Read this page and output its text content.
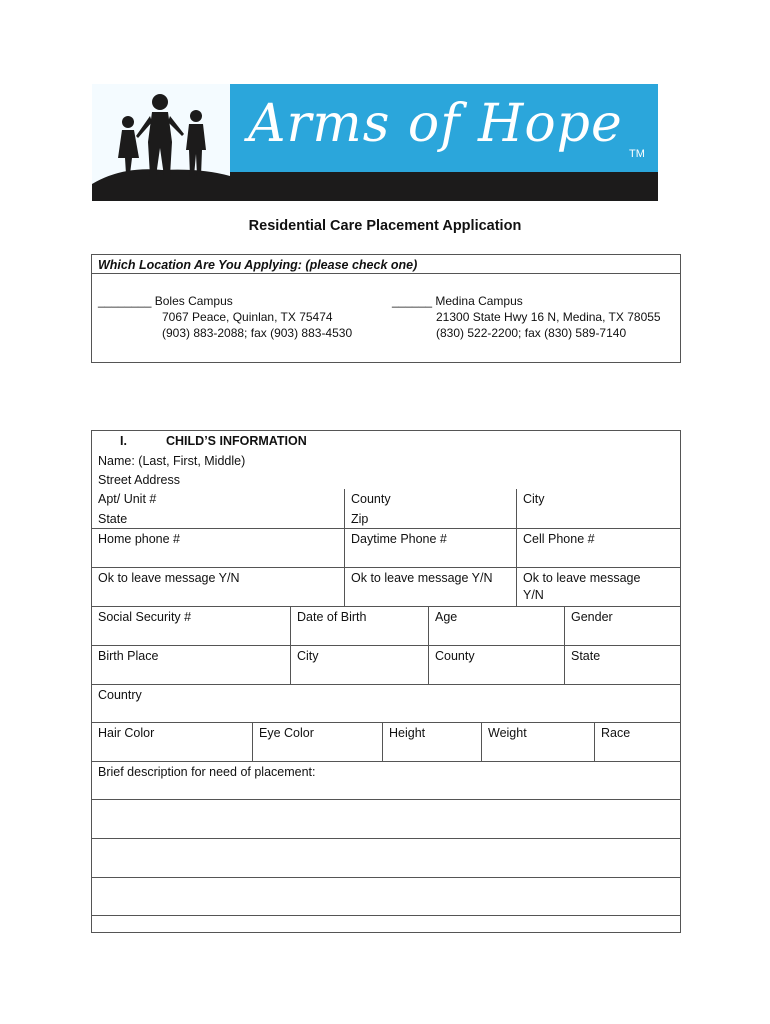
Arms of Hope TM
Residential Care Placement Application
Which Location Are You Applying: (please check one)
________ Boles Campus
7067 Peace, Quinlan, TX 75474
(903) 883-2088; fax (903) 883-4530
______ Medina Campus
21300 State Hwy 16 N, Medina, TX 78055
(830) 522-2200; fax (830) 589-7140
I.	CHILD’S INFORMATION
Name: (Last, First, Middle)
Street Address
Apt/ Unit #	County	City
State	Zip
Home phone #	Daytime Phone #	Cell Phone #
Ok to leave message Y/N	Ok to leave message Y/N	Ok to leave message
Y/N
Social Security #	Date of Birth	Age	Gender
Birth Place	City	County	State
Country
Hair Color	Eye Color	Height	Weight	Race
Brief description for need of placement:
